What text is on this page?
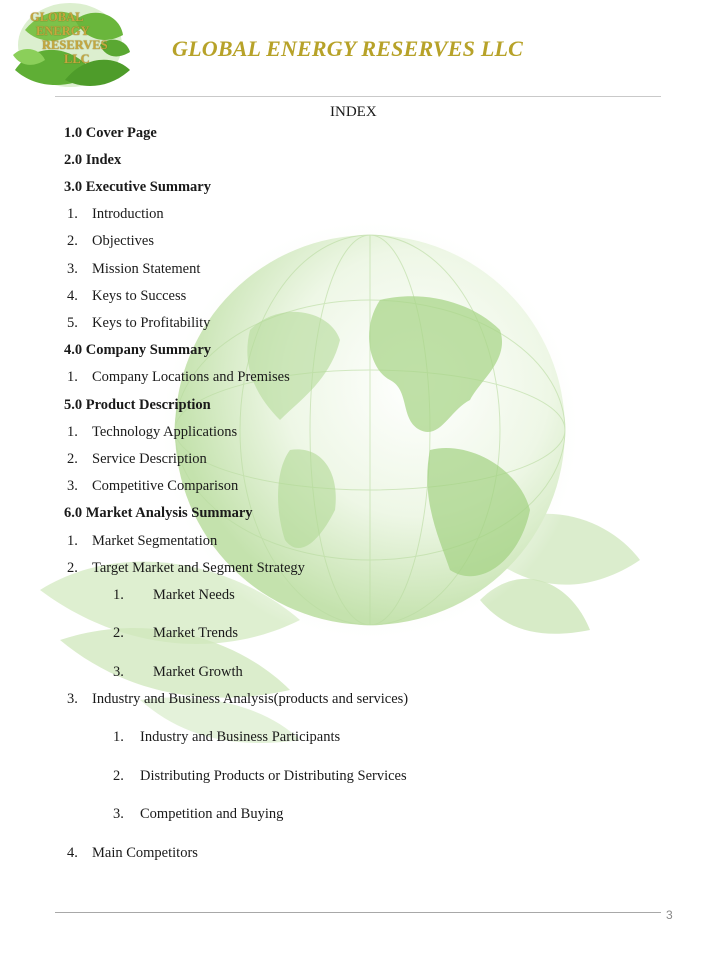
GLOBAL
ENERGY
RESERVES
LLC	GLOBAL ENERGY RESERVES LLC
INDEX
1.0 Cover Page
2.0 Index
3.0 Executive Summary
1. Introduction
2. Objectives
3. Mission Statement
4. Keys to Success
5. Keys to Profitability
4.0 Company Summary
1. Company Locations and Premises
5.0 Product Description
1. Technology Applications
2. Service Description
3. Competitive Comparison
6.0 Market Analysis Summary
1. Market Segmentation
2. Target Market and Segment Strategy
1. Market Needs
2. Market Trends
3. Market Growth
3. Industry and Business Analysis(products and services)
1. Industry and Business Participants
2. Distributing Products or Distributing Services
3. Competition and Buying
4. Main Competitors
3
